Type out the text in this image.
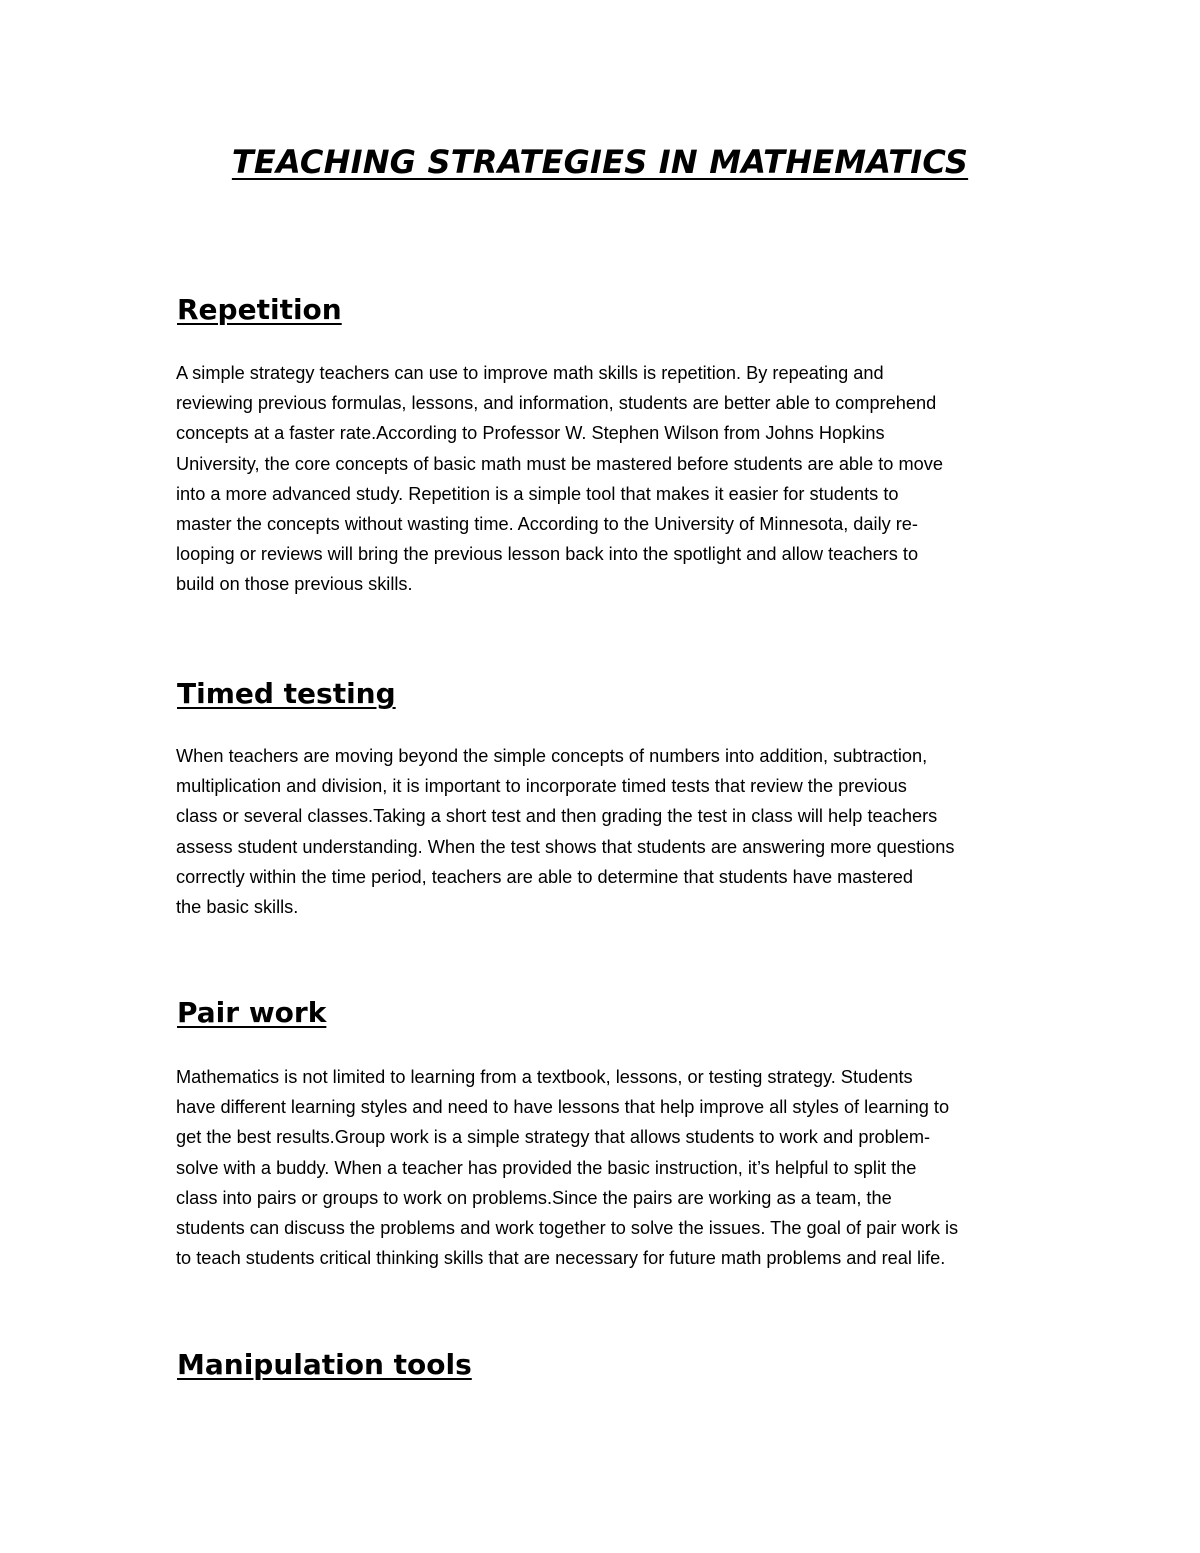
TEACHING STRATEGIES IN MATHEMATICS
Repetition
A simple strategy teachers can use to improve math skills is repetition. By repeating and
reviewing previous formulas, lessons, and information, students are better able to comprehend
concepts at a faster rate.According to Professor W. Stephen Wilson from Johns Hopkins
University, the core concepts of basic math must be mastered before students are able to move
into a more advanced study. Repetition is a simple tool that makes it easier for students to
master the concepts without wasting time. According to the University of Minnesota, daily re-
looping or reviews will bring the previous lesson back into the spotlight and allow teachers to
build on those previous skills.
Timed testing
When teachers are moving beyond the simple concepts of numbers into addition, subtraction,
multiplication and division, it is important to incorporate timed tests that review the previous
class or several classes.Taking a short test and then grading the test in class will help teachers
assess student understanding. When the test shows that students are answering more questions
correctly within the time period, teachers are able to determine that students have mastered
the basic skills.
Pair work
Mathematics is not limited to learning from a textbook, lessons, or testing strategy. Students
have different learning styles and need to have lessons that help improve all styles of learning to
get the best results.Group work is a simple strategy that allows students to work and problem-
solve with a buddy. When a teacher has provided the basic instruction, it’s helpful to split the
class into pairs or groups to work on problems.Since the pairs are working as a team, the
students can discuss the problems and work together to solve the issues. The goal of pair work is
to teach students critical thinking skills that are necessary for future math problems and real life.
Manipulation tools
